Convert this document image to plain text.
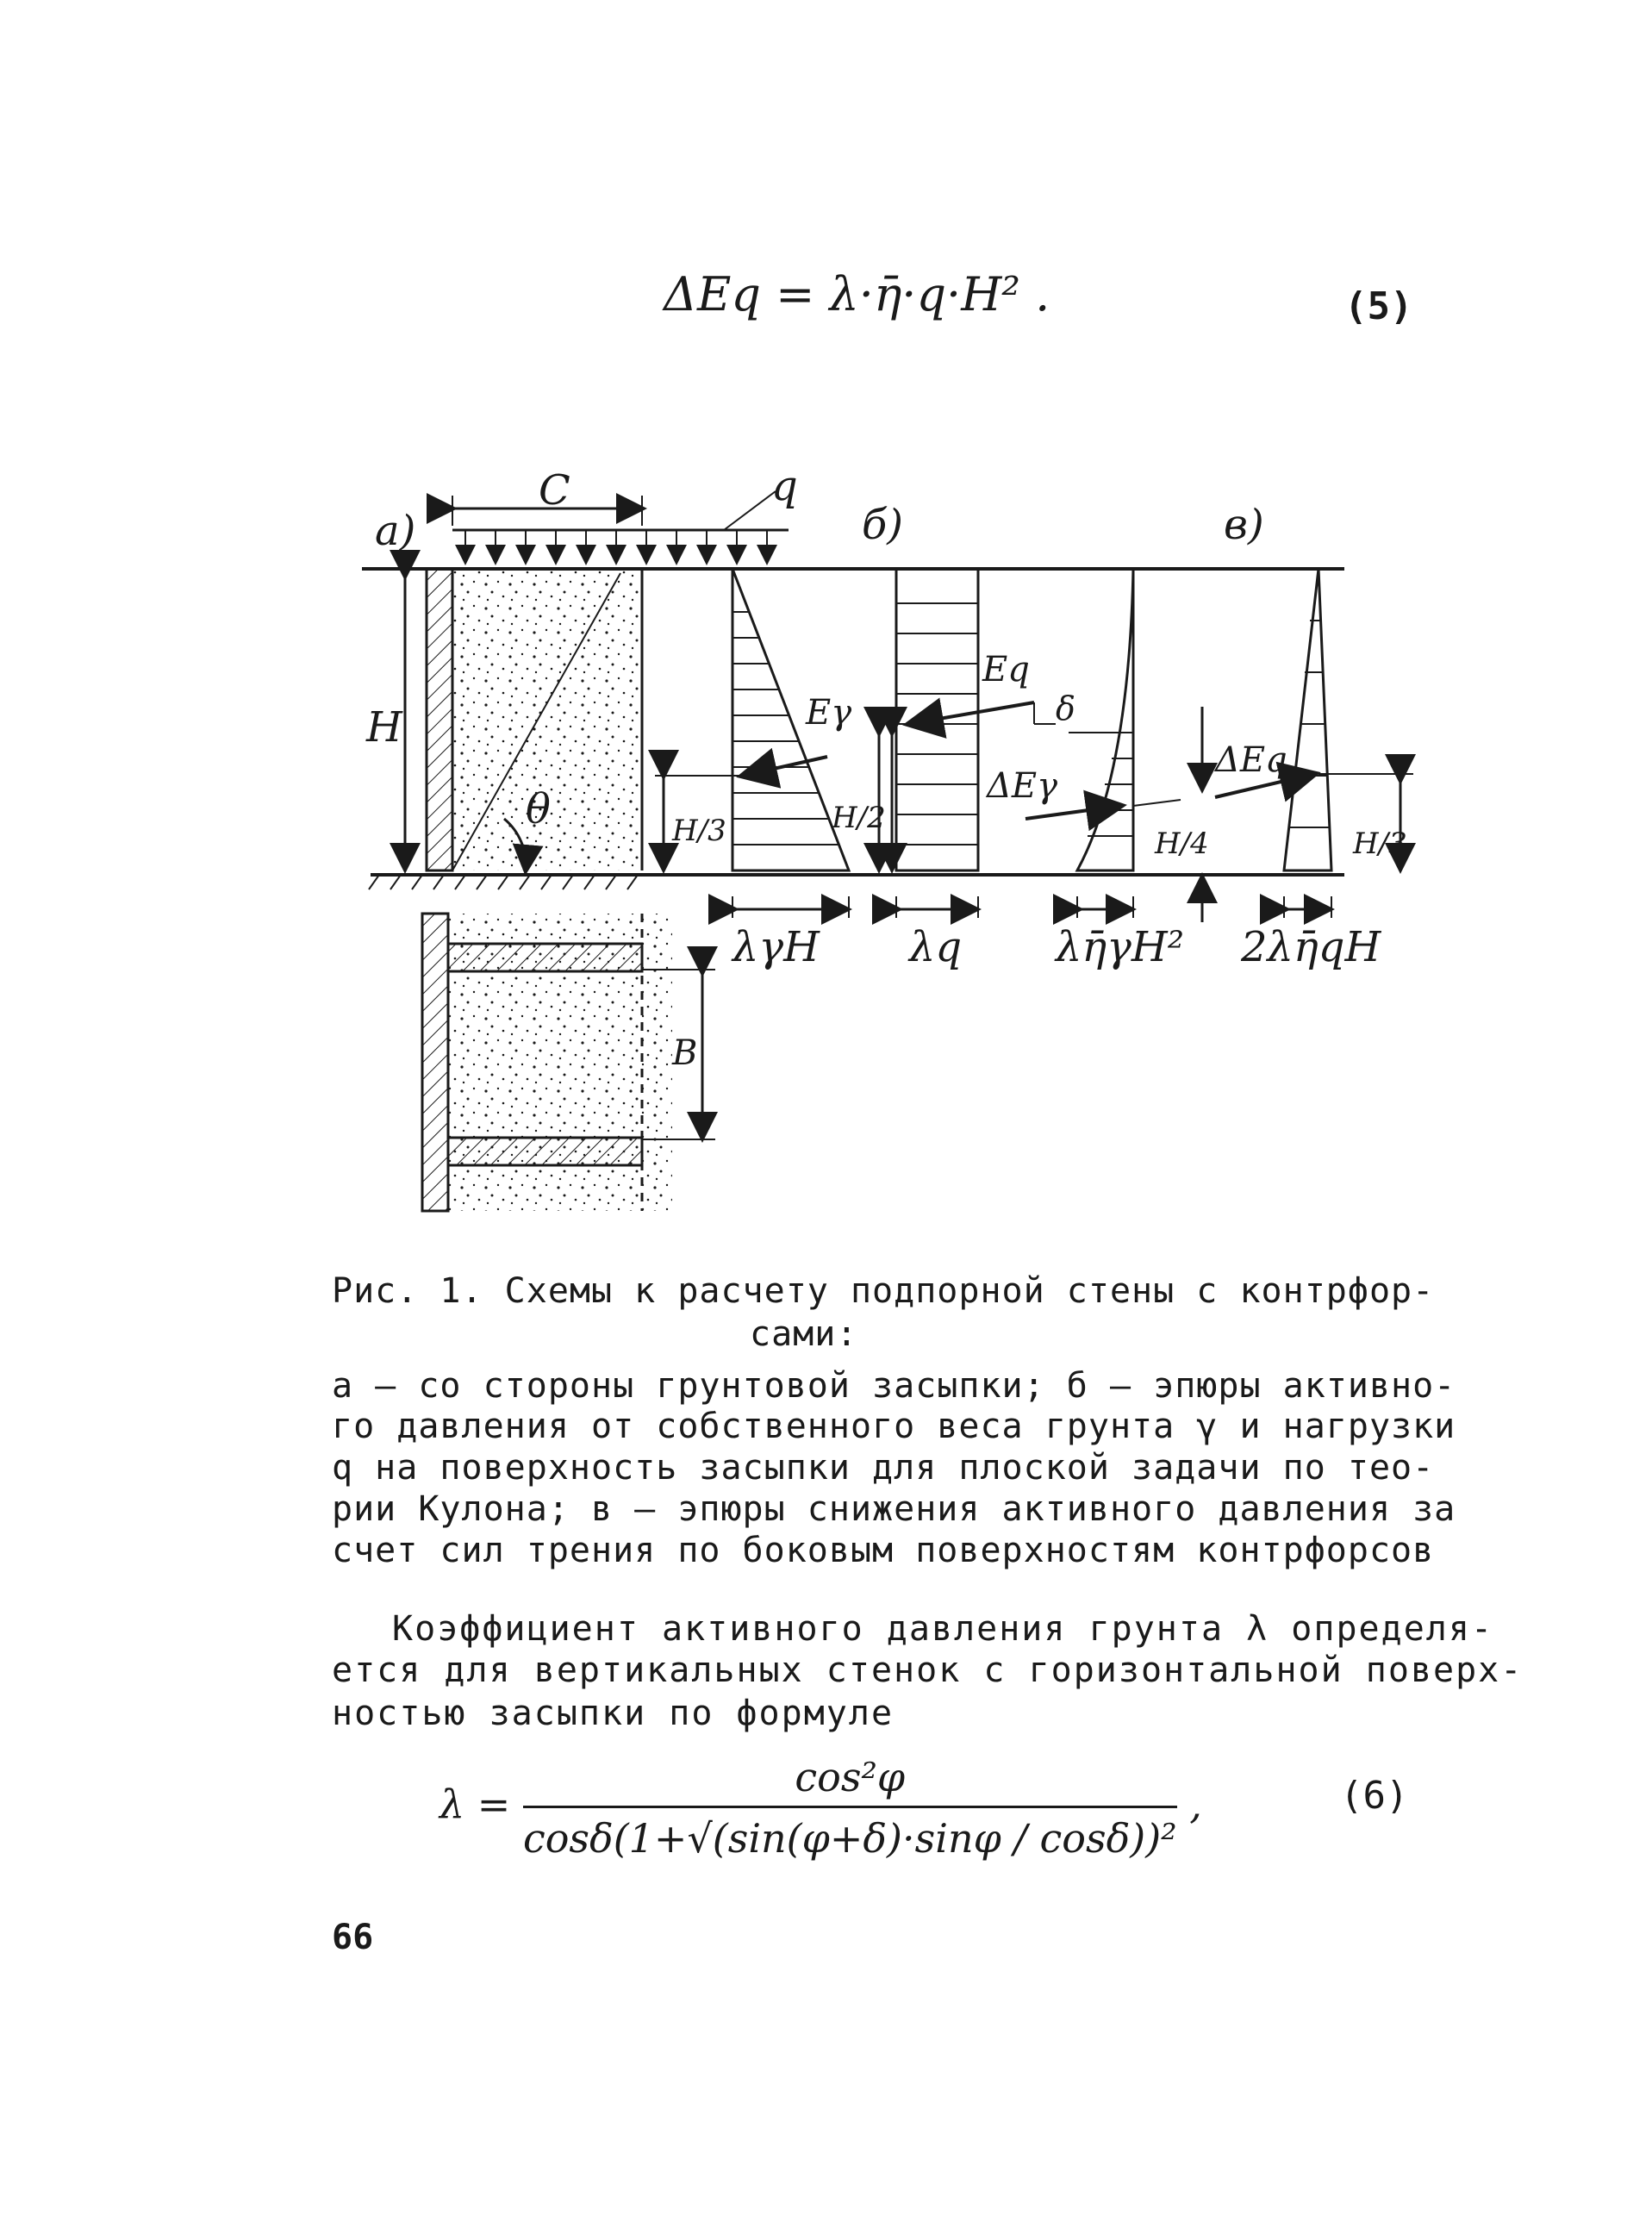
ΔEq = λ·η̄·q·H² .	(5)
a)	б)	в)
C	q
H
θ
B
H/3	H/2
H/4	H/3
Eγ
Eq
δ
ΔEγ
ΔEq
λγH λq λη̄γH² 2λη̄qH
Рис. 1. Схемы к расчету подпорной стены с контрфор-
сами:
а – со стороны грунтовой засыпки; б – эпюры активно-
го давления от собственного веса грунта γ и нагрузки
q на поверхность засыпки для плоской задачи по тео-
рии Кулона; в – эпюры снижения активного давления за
счет сил трения по боковым поверхностям контрфорсов
Коэффициент активного давления грунта λ определя-
ется для вертикальных стенок с горизонтальной поверх-
ностью засыпки по формуле
$\lambda = \frac{\text{cos²φ}}{\text{cosδ(1+√(sin(φ+δ)·sinφ / cosδ))²}}$ ,	(6)
66
